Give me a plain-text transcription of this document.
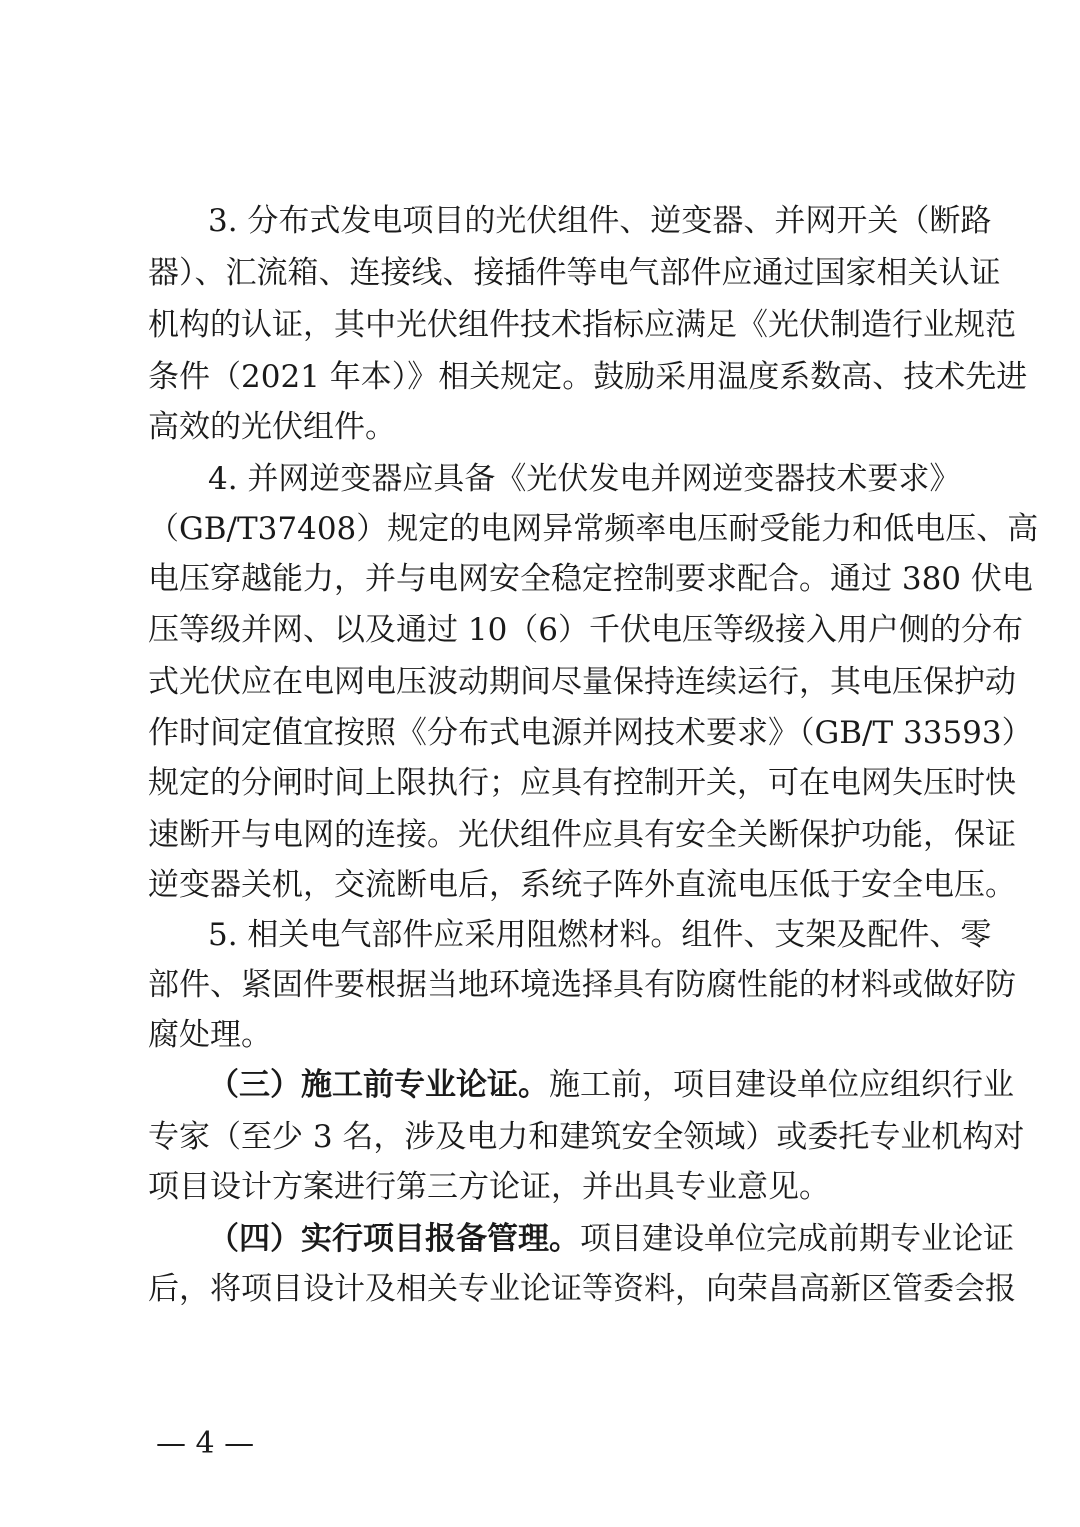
3. 分布式发电项目的光伏组件、逆变器、并网开关（断路
器）、汇流箱、连接线、接插件等电气部件应通过国家相关认证
机构的认证，其中光伏组件技术指标应满足《光伏制造行业规范
条件（2021 年本）》相关规定。鼓励采用温度系数高、技术先进
高效的光伏组件。
4. 并网逆变器应具备《光伏发电并网逆变器技术要求》
（GB/T37408）规定的电网异常频率电压耐受能力和低电压、高
电压穿越能力，并与电网安全稳定控制要求配合。通过 380 伏电
压等级并网、以及通过 10（6）千伏电压等级接入用户侧的分布
式光伏应在电网电压波动期间尽量保持连续运行，其电压保护动
作时间定值宜按照《分布式电源并网技术要求》（GB/T 33593）
规定的分闸时间上限执行；应具有控制开关，可在电网失压时快
速断开与电网的连接。光伏组件应具有安全关断保护功能，保证
逆变器关机，交流断电后，系统子阵外直流电压低于安全电压。
5. 相关电气部件应采用阻燃材料。组件、支架及配件、零
部件、紧固件要根据当地环境选择具有防腐性能的材料或做好防
腐处理。
（三）施工前专业论证。施工前，项目建设单位应组织行业
专家（至少 3 名，涉及电力和建筑安全领域）或委托专业机构对
项目设计方案进行第三方论证，并出具专业意见。
（四）实行项目报备管理。项目建设单位完成前期专业论证
后，将项目设计及相关专业论证等资料，向荣昌高新区管委会报
— 4 —
